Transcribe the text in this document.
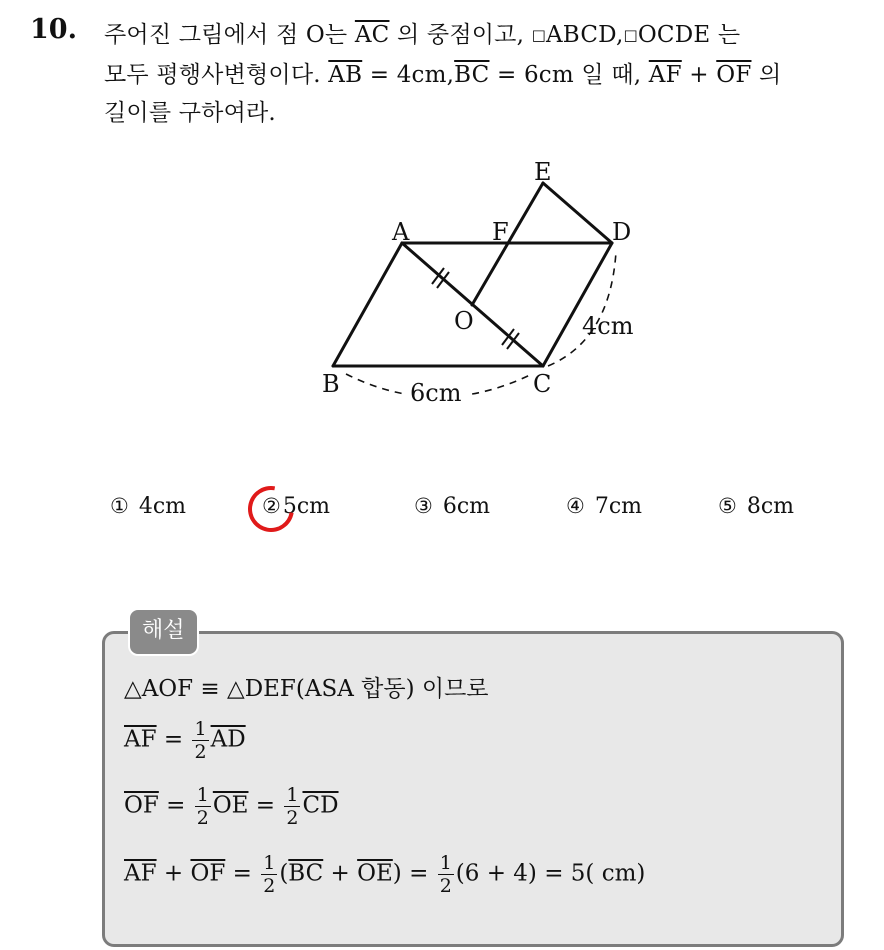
10. 주어진 그림에서 점 O는 $\overline{AC}$ 의 중점이고, □ABCD,□OCDE 는
모두 평행사변형이다. $\overline{AB} = 4cm,\overline{BC} = 6cm$ 일 때, $\overline{AF} + \overline{OF}$ 의
길이를 구하여라.
A
B	C
D
E
F
O	4cm
6cm
① 4cm	②5cm	③ 6cm	④ 7cm	⑤ 8cm
해설
△AOF ≡ △DEF(ASA 합동) 이므로
$\overline{AF} = \frac{1}{2} \overline{AD}$
$\overline{OF} = \frac{1}{2} \overline{OE} = \frac{1}{2} \overline{CD}$
$\overline{AF} + \overline{OF} = \frac{1}{2} (\overline{BC} + \overline{OE}) = \frac{1}{2} (6 + 4) = 5$( cm)
